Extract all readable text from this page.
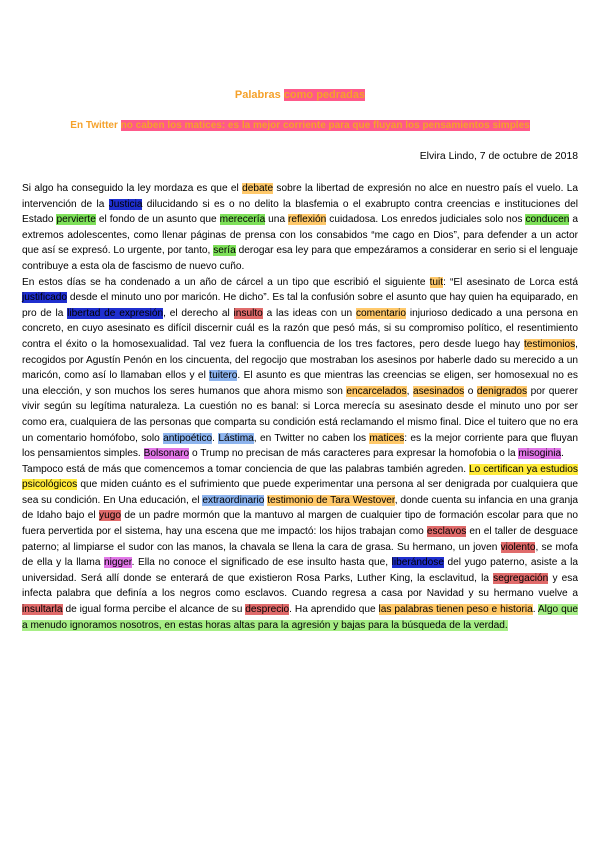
Palabras como pedradas
En Twitter no caben los matices: es la mejor corriente para que fluyan los pensamientos simples
Elvira Lindo, 7 de octubre de 2018

Si algo ha conseguido la ley mordaza es que el debate sobre la libertad de expresión no alce en nuestro país el vuelo. La intervención de la Justicia dilucidando si es o no delito la blasfemia o el exabrupto contra creencias e instituciones del Estado pervierte el fondo de un asunto que merecería una reflexión cuidadosa. Los enredos judiciales solo nos conducen a extremos adolescentes, como llenar páginas de prensa con los consabidos “me cago en Dios”, para defender a un actor que así se expresó. Lo urgente, por tanto, sería derogar esa ley para que empezáramos a considerar en serio si el lenguaje contribuye a esta ola de fascismo de nuevo cuño.

En estos días se ha condenado a un año de cárcel a un tipo que escribió el siguiente tuit: “El asesinato de Lorca está justificado desde el minuto uno por maricón. He dicho”. Es tal la confusión sobre el asunto que hay quien ha equiparado, en pro de la libertad de expresión, el derecho al insulto a las ideas con un comentario injurioso dedicado a una persona en concreto, en cuyo asesinato es difícil discernir cuál es la razón que pesó más, si su compromiso político, el resentimiento contra el éxito o la homosexualidad. Tal vez fuera la confluencia de los tres factores, pero desde luego hay testimonios, recogidos por Agustín Penón en los cincuenta, del regocijo que mostraban los asesinos por haberle dado su merecido a un maricón, como así lo llamaban ellos y el tuitero. El asunto es que mientras las creencias se eligen, ser homosexual no es una elección, y son muchos los seres humanos que ahora mismo son encarcelados, asesinados o denigrados por querer vivir según su legítima naturaleza. La cuestión no es banal: si Lorca merecía su asesinato desde el minuto uno por ser como era, cualquiera de las personas que comparta su condición está reclamando el mismo final. Dice el tuitero que no era un comentario homófobo, solo antipoético. Lástima, en Twitter no caben los matices: es la mejor corriente para que fluyan los pensamientos simples. Bolsonaro o Trump no precisan de más caracteres para expresar la homofobia o la misoginia.

Tampoco está de más que comencemos a tomar conciencia de que las palabras también agreden. Lo certifican ya estudios psicológicos que miden cuánto es el sufrimiento que puede experimentar una persona al ser denigrada por cualquiera que sea su condición. En Una educación, el extraordinario testimonio de Tara Westover, donde cuenta su infancia en una granja de Idaho bajo el yugo de un padre mormón que la mantuvo al margen de cualquier tipo de formación escolar para que no fuera pervertida por el sistema, hay una escena que me impactó: los hijos trabajan como esclavos en el taller de desguace paterno; al limpiarse el sudor con las manos, la chavala se llena la cara de grasa. Su hermano, un joven violento, se mofa de ella y la llama nigger. Ella no conoce el significado de ese insulto hasta que, liberándose del yugo paterno, asiste a la universidad. Será allí donde se enterará de que existieron Rosa Parks, Luther King, la esclavitud, la segregación y esa infecta palabra que definía a los negros como esclavos. Cuando regresa a casa por Navidad y su hermano vuelve a insultarla de igual forma percibe el alcance de su desprecio. Ha aprendido que las palabras tienen peso e historia. Algo que a menudo ignoramos nosotros, en estas horas altas para la agresión y bajas para la búsqueda de la verdad.
